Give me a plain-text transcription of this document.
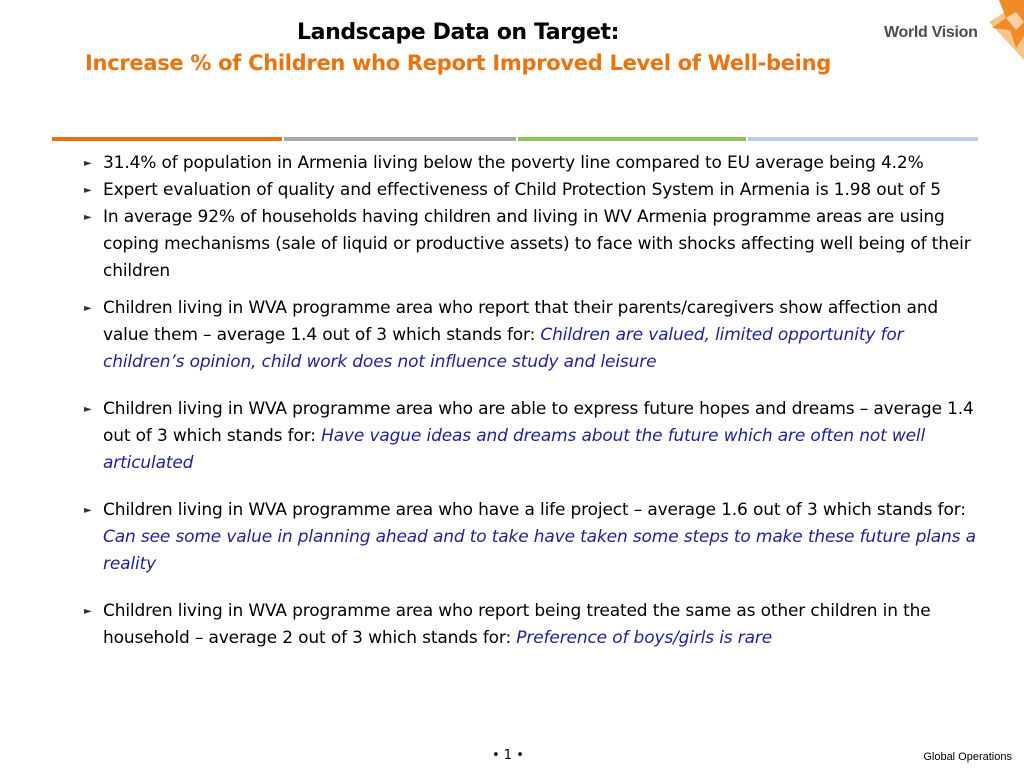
Landscape Data on Target:
Increase % of Children who Report Improved Level of Well-being
World Vision
► 31.4% of population in Armenia living below the poverty line compared to EU average being 4.2%
► Expert evaluation of quality and effectiveness of Child Protection System in Armenia is 1.98 out of 5
► In average 92% of households having children and living in WV Armenia programme areas are using coping mechanisms (sale of liquid or productive assets) to face with shocks affecting well being of their children
► Children living in WVA programme area who report that their parents/caregivers show affection and value them – average 1.4 out of 3 which stands for: Children are valued, limited opportunity for children’s opinion, child work does not influence study and leisure
► Children living in WVA programme area who are able to express future hopes and dreams – average 1.4 out of 3 which stands for: Have vague ideas and dreams about the future which are often not well articulated
► Children living in WVA programme area who have a life project – average 1.6 out of 3 which stands for: Can see some value in planning ahead and to take have taken some steps to make these future plans a reality
► Children living in WVA programme area who report being treated the same as other children in the household – average 2 out of 3 which stands for: Preference of boys/girls is rare
• 1 •	Global Operations
